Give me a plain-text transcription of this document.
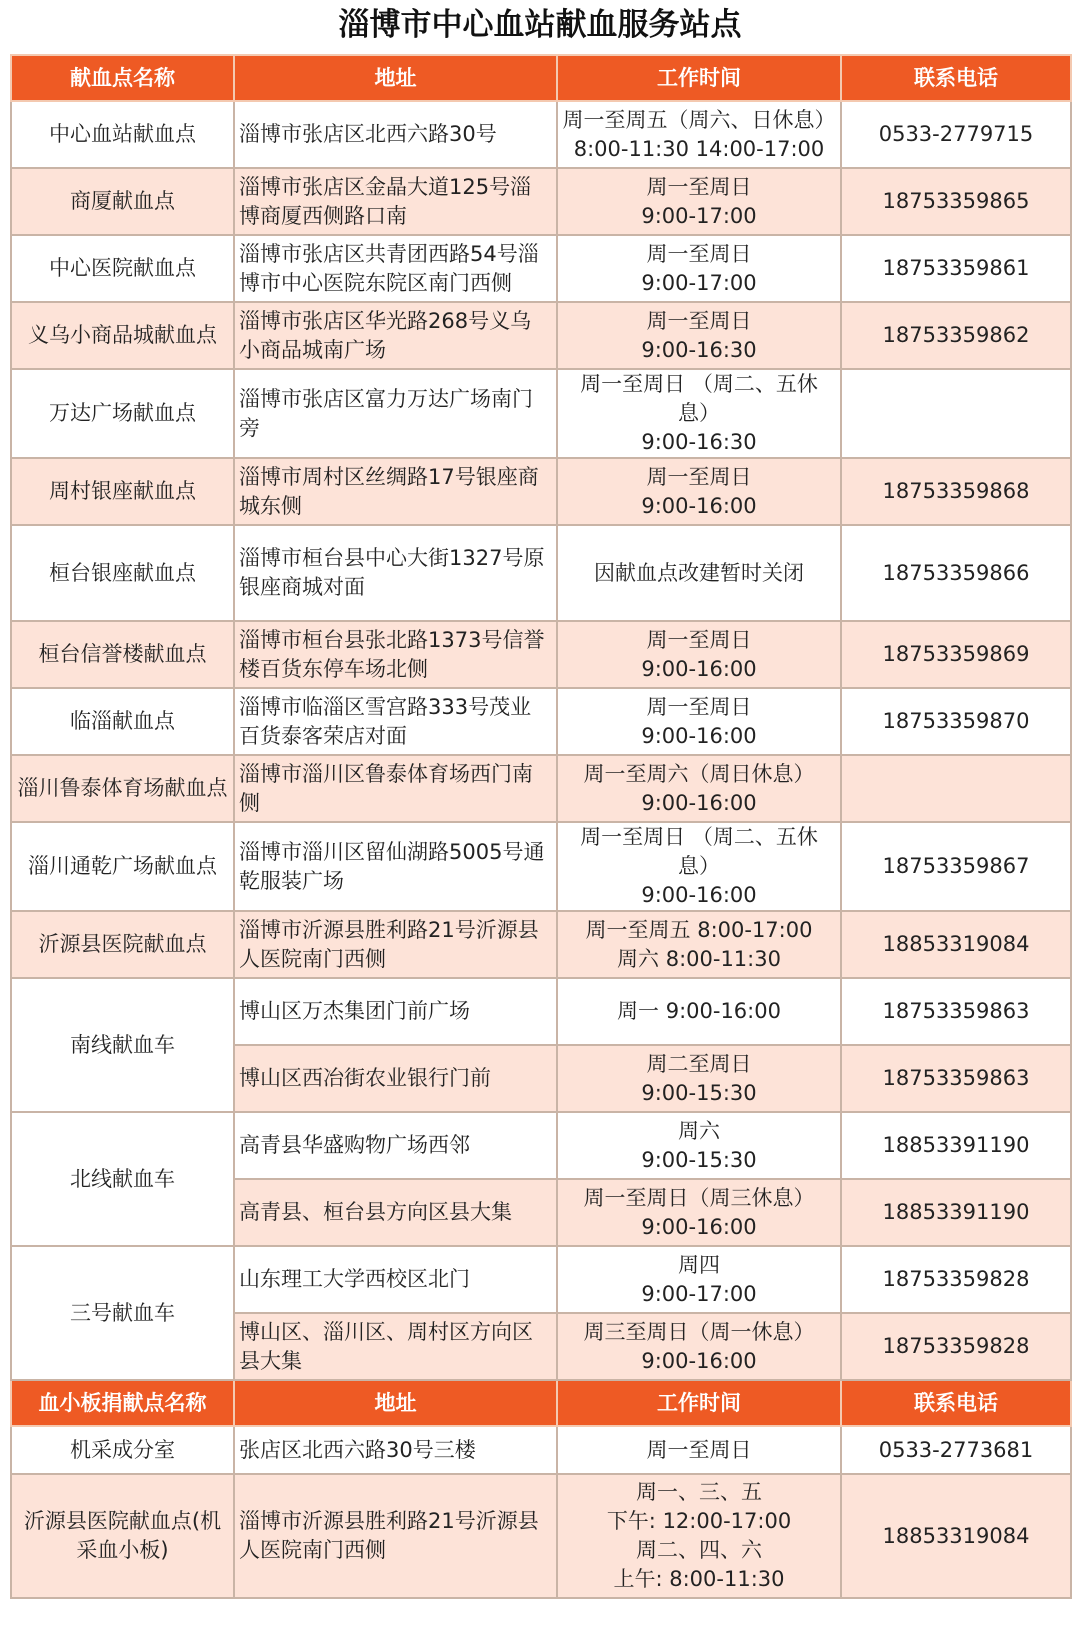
淄博市中心血站献血服务站点
献血点名称	地址	工作时间	联系电话
中心血站献血点	淄博市张店区北西六路30号	周一至周五（周六、日休息）
8:00-11:30 14:00-17:00	0533-2779715
商厦献血点	淄博市张店区金晶大道125号淄博商厦西侧路口南	周一至周日
9:00-17:00	18753359865
中心医院献血点	淄博市张店区共青团西路54号淄博市中心医院东院区南门西侧	周一至周日
9:00-17:00	18753359861
义乌小商品城献血点	淄博市张店区华光路268号义乌小商品城南广场	周一至周日
9:00-16:30	18753359862
万达广场献血点	淄博市张店区富力万达广场南门旁	周一至周日 （周二、五休息）
9:00-16:30	
周村银座献血点	淄博市周村区丝绸路17号银座商城东侧	周一至周日
9:00-16:00	18753359868
桓台银座献血点	淄博市桓台县中心大街1327号原银座商城对面	因献血点改建暂时关闭	18753359866
桓台信誉楼献血点	淄博市桓台县张北路1373号信誉楼百货东停车场北侧	周一至周日
9:00-16:00	18753359869
临淄献血点	淄博市临淄区雪宫路333号茂业百货泰客荣店对面	周一至周日
9:00-16:00	18753359870
淄川鲁泰体育场献血点	淄博市淄川区鲁泰体育场西门南侧	周一至周六（周日休息）
9:00-16:00	
淄川通乾广场献血点	淄博市淄川区留仙湖路5005号通乾服装广场	周一至周日 （周二、五休息）
9:00-16:00	18753359867
沂源县医院献血点	淄博市沂源县胜利路21号沂源县人医院南门西侧	周一至周五 8:00-17:00
周六 8:00-11:30	18853319084
南线献血车	博山区万杰集团门前广场	周一 9:00-16:00	18753359863
	博山区西冶街农业银行门前	周二至周日
9:00-15:30	18753359863
北线献血车	高青县华盛购物广场西邻	周六
9:00-15:30	18853391190
	高青县、桓台县方向区县大集	周一至周日（周三休息）
9:00-16:00	18853391190
三号献血车	山东理工大学西校区北门	周四
9:00-17:00	18753359828
	博山区、淄川区、周村区方向区县大集	周三至周日（周一休息）
9:00-16:00	18753359828
血小板捐献点名称	地址	工作时间	联系电话
机采成分室	张店区北西六路30号三楼	周一至周日	0533-2773681
沂源县医院献血点(机采血小板)	淄博市沂源县胜利路21号沂源县人医院南门西侧	周一、三、五
下午: 12:00-17:00
周二、四、六
上午: 8:00-11:30	18853319084
